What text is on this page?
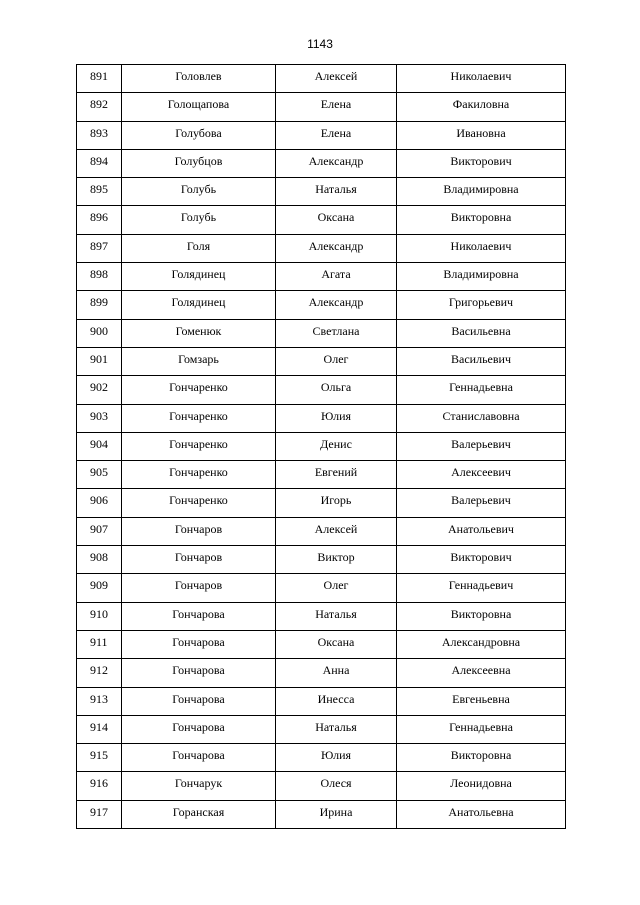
1143
891	Головлев	Алексей	Николаевич

892	Голощапова	Елена	Факиловна

893	Голубова	Елена	Ивановна

894	Голубцов	Александр	Викторович

895	Голубь	Наталья	Владимировна

896	Голубь	Оксана	Викторовна

897	Голя	Александр	Николаевич

898	Голядинец	Агата	Владимировна

899	Голядинец	Александр	Григорьевич

900	Гоменюк	Светлана	Васильевна

901	Гомзарь	Олег	Васильевич

902	Гончаренко	Ольга	Геннадьевна

903	Гончаренко	Юлия	Станиславовна

904	Гончаренко	Денис	Валерьевич

905	Гончаренко	Евгений	Алексеевич

906	Гончаренко	Игорь	Валерьевич

907	Гончаров	Алексей	Анатольевич

908	Гончаров	Виктор	Викторович

909	Гончаров	Олег	Геннадьевич

910	Гончарова	Наталья	Викторовна

911	Гончарова	Оксана	Александровна

912	Гончарова	Анна	Алексеевна

913	Гончарова	Инесса	Евгеньевна

914	Гончарова	Наталья	Геннадьевна

915	Гончарова	Юлия	Викторовна

916	Гончарук	Олеся	Леонидовна

917	Горанская	Ирина	Анатольевна
